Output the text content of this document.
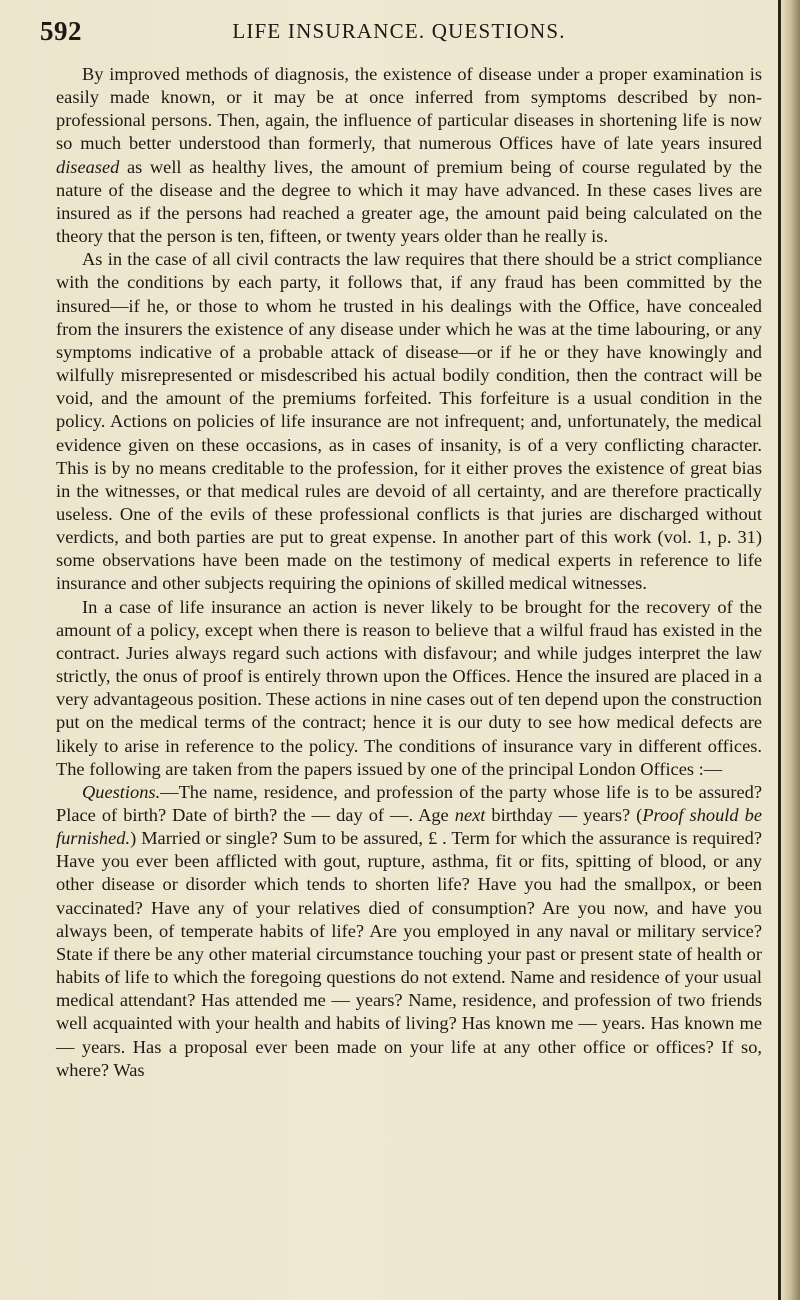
592	LIFE INSURANCE. QUESTIONS.

By improved methods of diagnosis, the existence of disease under a proper examination is easily made known, or it may be at once inferred from symptoms described by non-professional persons. Then, again, the influence of particular diseases in shortening life is now so much better understood than formerly, that numerous Offices have of late years insured diseased as well as healthy lives, the amount of premium being of course regulated by the nature of the disease and the degree to which it may have advanced. In these cases lives are insured as if the persons had reached a greater age, the amount paid being calculated on the theory that the person is ten, fifteen, or twenty years older than he really is.

As in the case of all civil contracts the law requires that there should be a strict compliance with the conditions by each party, it follows that, if any fraud has been committed by the insured—if he, or those to whom he trusted in his dealings with the Office, have concealed from the insurers the existence of any disease under which he was at the time labouring, or any symptoms indicative of a probable attack of disease—or if he or they have knowingly and wilfully misrepresented or misdescribed his actual bodily condition, then the contract will be void, and the amount of the premiums forfeited. This forfeiture is a usual condition in the policy. Actions on policies of life insurance are not infrequent; and, unfortunately, the medical evidence given on these occasions, as in cases of insanity, is of a very conflicting character. This is by no means creditable to the profession, for it either proves the existence of great bias in the witnesses, or that medical rules are devoid of all certainty, and are therefore practically useless. One of the evils of these professional conflicts is that juries are discharged without verdicts, and both parties are put to great expense. In another part of this work (vol. 1, p. 31) some observations have been made on the testimony of medical experts in reference to life insurance and other subjects requiring the opinions of skilled medical witnesses.

In a case of life insurance an action is never likely to be brought for the recovery of the amount of a policy, except when there is reason to believe that a wilful fraud has existed in the contract. Juries always regard such actions with disfavour; and while judges interpret the law strictly, the onus of proof is entirely thrown upon the Offices. Hence the insured are placed in a very advantageous position. These actions in nine cases out of ten depend upon the construction put on the medical terms of the contract; hence it is our duty to see how medical defects are likely to arise in reference to the policy. The conditions of insurance vary in different offices. The following are taken from the papers issued by one of the principal London Offices :—

Questions.—The name, residence, and profession of the party whose life is to be assured? Place of birth? Date of birth? the — day of —. Age next birthday — years? (Proof should be furnished.) Married or single? Sum to be assured, £ . Term for which the assurance is required? Have you ever been afflicted with gout, rupture, asthma, fit or fits, spitting of blood, or any other disease or disorder which tends to shorten life? Have you had the smallpox, or been vaccinated? Have any of your relatives died of consumption? Are you now, and have you always been, of temperate habits of life? Are you employed in any naval or military service? State if there be any other material circumstance touching your past or present state of health or habits of life to which the foregoing questions do not extend. Name and residence of your usual medical attendant? Has attended me — years? Name, residence, and profession of two friends well acquainted with your health and habits of living? Has known me — years. Has known me — years. Has a proposal ever been made on your life at any other office or offices? If so, where? Was
